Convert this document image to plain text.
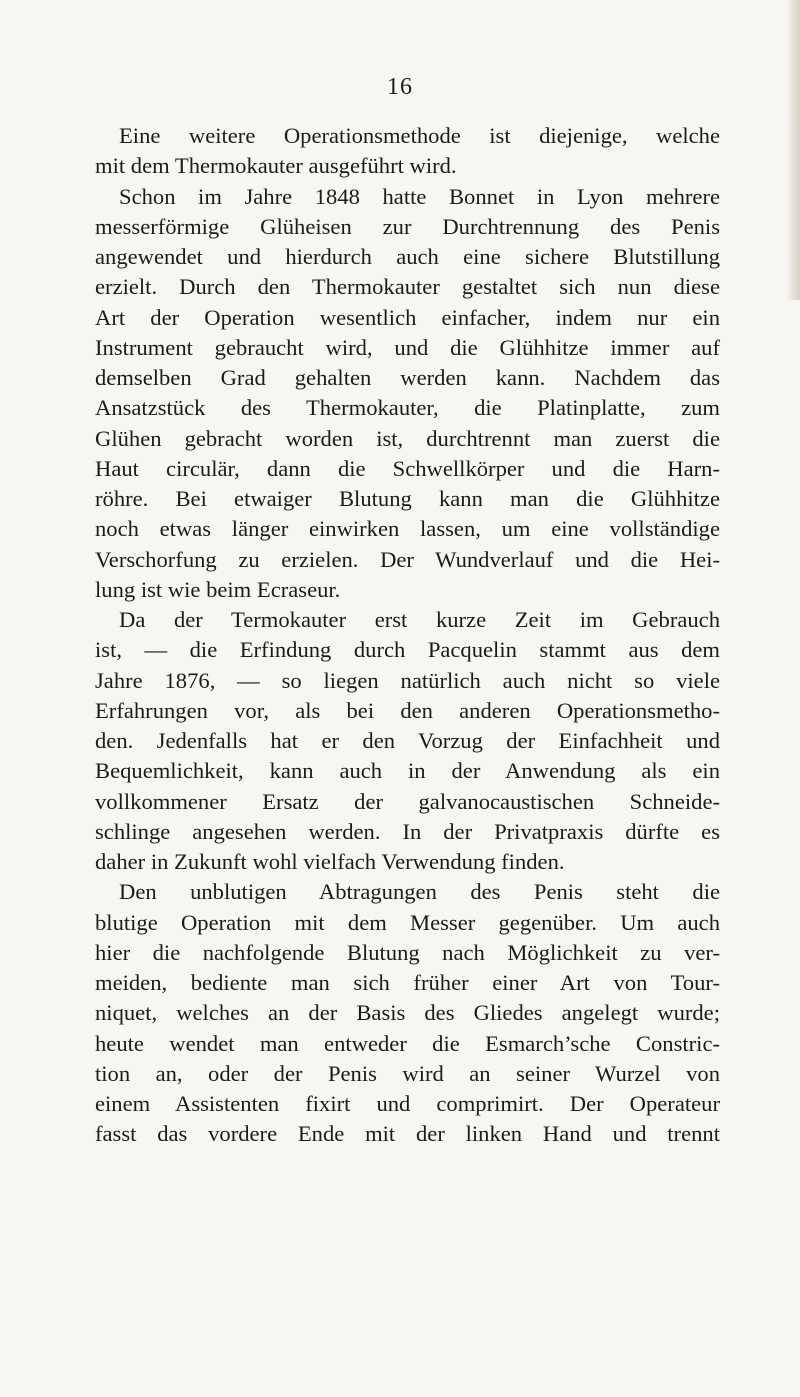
16
Eine weitere Operationsmethode ist diejenige, welche
mit dem Thermokauter ausgeführt wird.
Schon im Jahre 1848 hatte Bonnet in Lyon mehrere
messerförmige Glüheisen zur Durchtrennung des Penis
angewendet und hierdurch auch eine sichere Blutstillung
erzielt. Durch den Thermokauter gestaltet sich nun diese
Art der Operation wesentlich einfacher, indem nur ein
Instrument gebraucht wird, und die Glühhitze immer auf
demselben Grad gehalten werden kann. Nachdem das
Ansatzstück des Thermokauter, die Platinplatte, zum
Glühen gebracht worden ist, durchtrennt man zuerst die
Haut circulär, dann die Schwellkörper und die Harn-
röhre. Bei etwaiger Blutung kann man die Glühhitze
noch etwas länger einwirken lassen, um eine vollständige
Verschorfung zu erzielen. Der Wundverlauf und die Hei-
lung ist wie beim Ecraseur.
Da der Termokauter erst kurze Zeit im Gebrauch
ist, — die Erfindung durch Pacquelin stammt aus dem
Jahre 1876, — so liegen natürlich auch nicht so viele
Erfahrungen vor, als bei den anderen Operationsmetho-
den. Jedenfalls hat er den Vorzug der Einfachheit und
Bequemlichkeit, kann auch in der Anwendung als ein
vollkommener Ersatz der galvanocaustischen Schneide-
schlinge angesehen werden. In der Privatpraxis dürfte es
daher in Zukunft wohl vielfach Verwendung finden.
Den unblutigen Abtragungen des Penis steht die
blutige Operation mit dem Messer gegenüber. Um auch
hier die nachfolgende Blutung nach Möglichkeit zu ver-
meiden, bediente man sich früher einer Art von Tour-
niquet, welches an der Basis des Gliedes angelegt wurde;
heute wendet man entweder die Esmarch’sche Constric-
tion an, oder der Penis wird an seiner Wurzel von
einem Assistenten fixirt und comprimirt. Der Operateur
fasst das vordere Ende mit der linken Hand und trennt
